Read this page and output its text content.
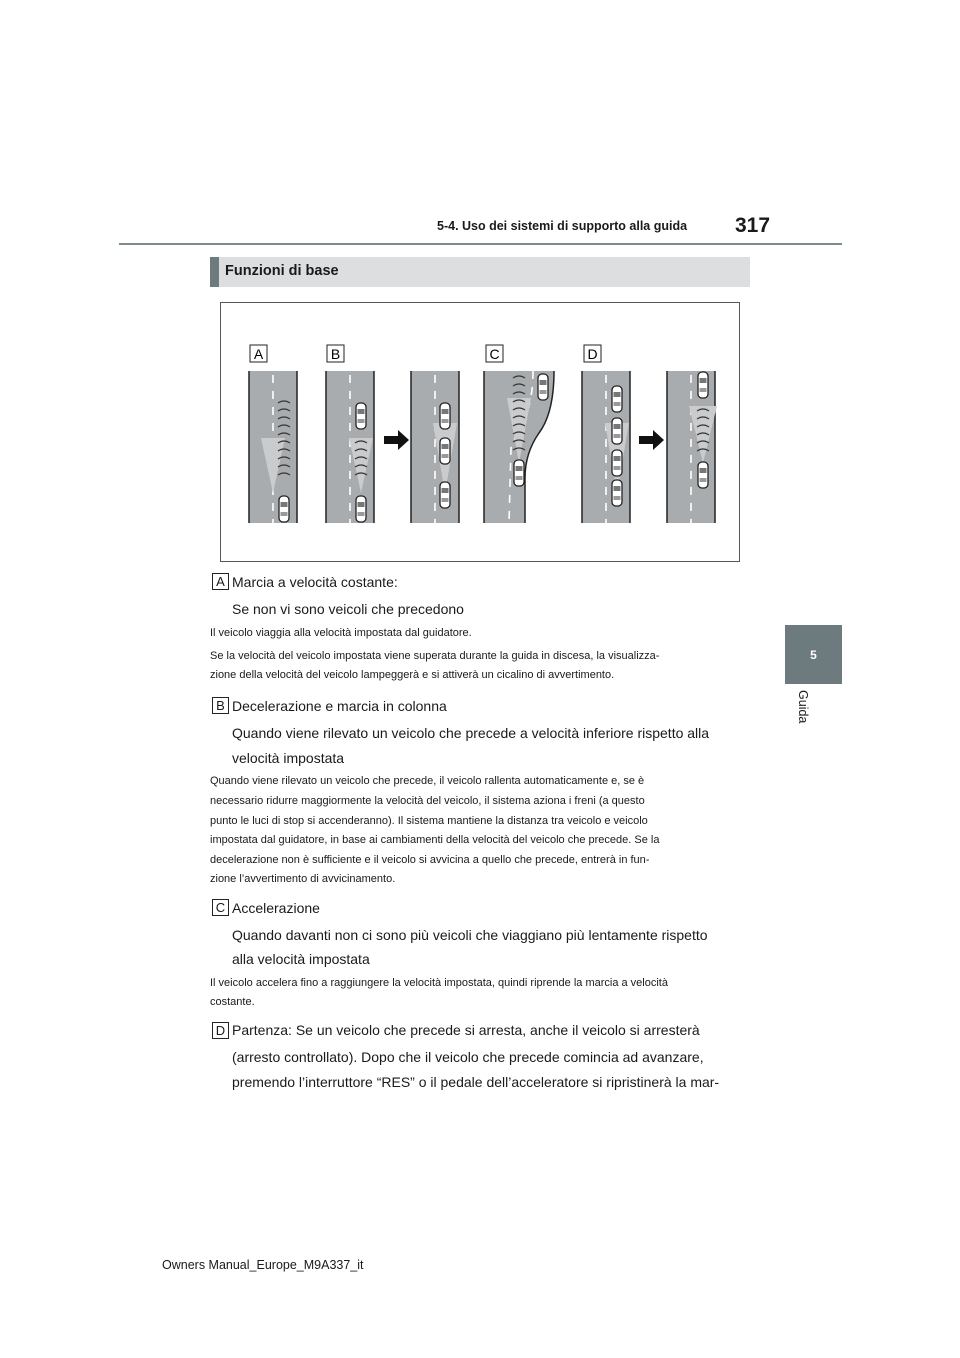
317
5-4. Uso dei sistemi di supporto alla guida
5
Guida
Funzioni di base
A	B	C	D
A Marcia a velocità costante:
Se non vi sono veicoli che precedono
Il veicolo viaggia alla velocità impostata dal guidatore.
Se la velocità del veicolo impostata viene superata durante la guida in discesa, la visualizza-
zione della velocità del veicolo lampeggerà e si attiverà un cicalino di avvertimento.
B Decelerazione e marcia in colonna
Quando viene rilevato un veicolo che precede a velocità inferiore rispetto alla
velocità impostata
Quando viene rilevato un veicolo che precede, il veicolo rallenta automaticamente e, se è
necessario ridurre maggiormente la velocità del veicolo, il sistema aziona i freni (a questo
punto le luci di stop si accenderanno). Il sistema mantiene la distanza tra veicolo e veicolo
impostata dal guidatore, in base ai cambiamenti della velocità del veicolo che precede. Se la
decelerazione non è sufficiente e il veicolo si avvicina a quello che precede, entrerà in fun-
zione l’avvertimento di avvicinamento.
C Accelerazione
Quando davanti non ci sono più veicoli che viaggiano più lentamente rispetto
alla velocità impostata
Il veicolo accelera fino a raggiungere la velocità impostata, quindi riprende la marcia a velocità
costante.
D Partenza: Se un veicolo che precede si arresta, anche il veicolo si arresterà
(arresto controllato). Dopo che il veicolo che precede comincia ad avanzare,
premendo l’interruttore “RES” o il pedale dell’acceleratore si ripristinerà la mar-
Owners Manual_Europe_M9A337_it
